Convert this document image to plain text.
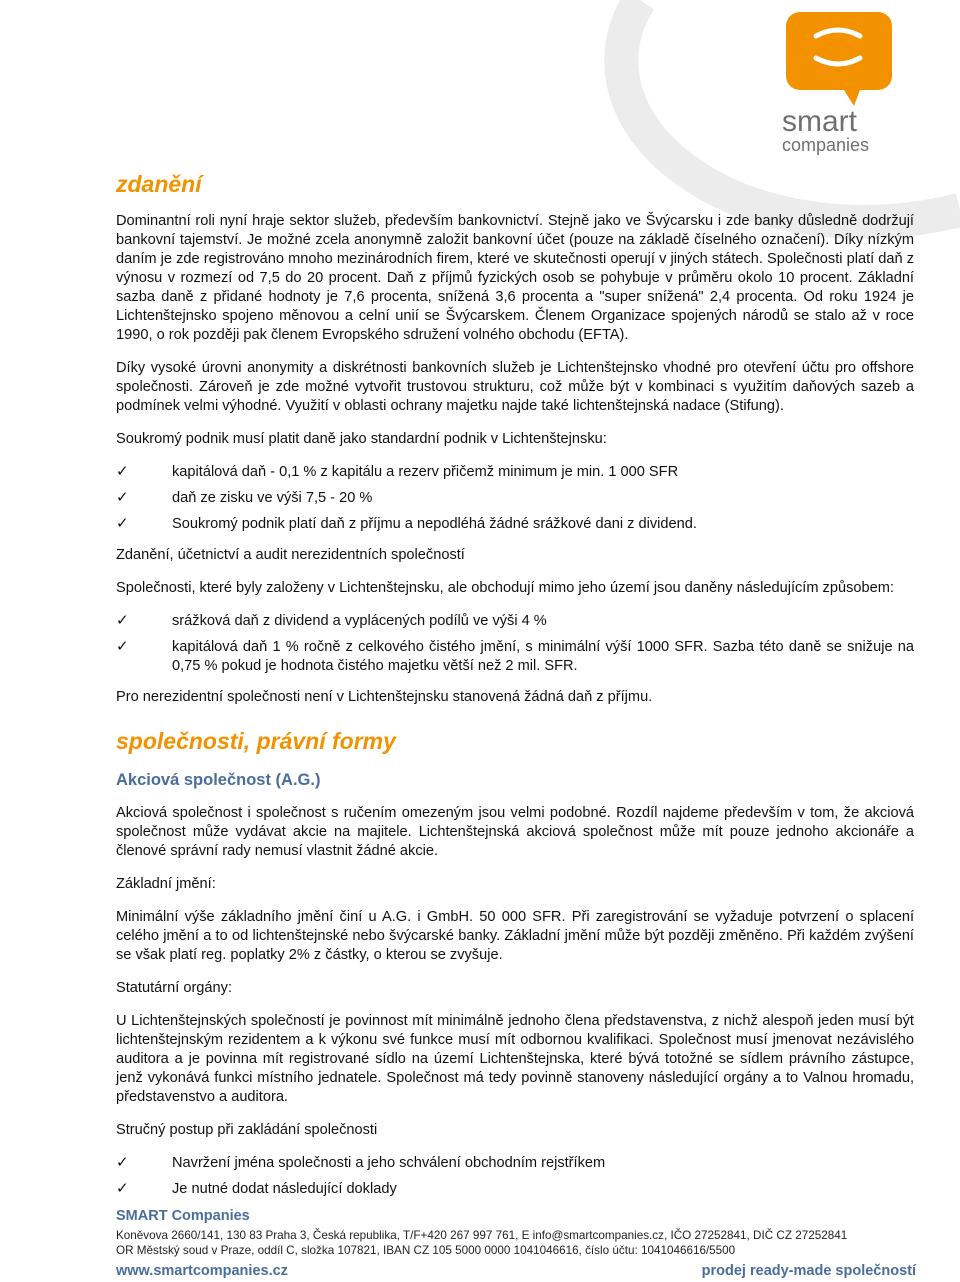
smart
companies
zdanění

Dominantní roli nyní hraje sektor služeb, především bankovnictví. Stejně jako ve Švýcarsku i zde banky důsledně dodržují bankovní tajemství. Je možné zcela anonymně založit bankovní účet (pouze na základě číselného označení). Díky nízkým daním je zde registrováno mnoho mezinárodních firem, které ve skutečnosti operují v jiných státech. Společnosti platí daň z výnosu v rozmezí od 7,5 do 20 procent. Daň z příjmů fyzických osob se pohybuje v průměru okolo 10 procent. Základní sazba daně z přidané hodnoty je 7,6 procenta, snížená 3,6 procenta a "super snížená" 2,4 procenta. Od roku 1924 je Lichtenštejnsko spojeno měnovou a celní unií se Švýcarskem. Členem Organizace spojených národů se stalo až v roce 1990, o rok později pak členem Evropského sdružení volného obchodu (EFTA).

Díky vysoké úrovni anonymity a diskrétnosti bankovních služeb je Lichtenštejnsko vhodné pro otevření účtu pro offshore společnosti. Zároveň je zde možné vytvořit trustovou strukturu, což může být v kombinaci s využitím daňových sazeb a podmínek velmi výhodné. Využití v oblasti ochrany majetku najde také lichtenštejnská nadace (Stifung).

Soukromý podnik musí platit daně jako standardní podnik v Lichtenštejnsku:

✓	kapitálová daň - 0,1 % z kapitálu a rezerv přičemž minimum je min. 1 000 SFR
✓	daň ze zisku ve výši 7,5 - 20 %
✓	Soukromý podnik platí daň z příjmu a nepodléhá žádné srážkové dani z dividend.

Zdanění, účetnictví a audit nerezidentních společností

Společnosti, které byly založeny v Lichtenštejnsku, ale obchodují mimo jeho území jsou daněny následujícím způsobem:

✓	srážková daň z dividend a vyplácených podílů ve výši 4 %
✓	kapitálová daň 1 % ročně z celkového čistého jmění, s minimální výší 1000 SFR. Sazba této daně se snižuje na 0,75 % pokud je hodnota čistého majetku větší než 2 mil. SFR.

Pro nerezidentní společnosti není v Lichtenštejnsku stanovená žádná daň z příjmu.

společnosti, právní formy
Akciová společnost (A.G.)

Akciová společnost i společnost s ručením omezeným jsou velmi podobné. Rozdíl najdeme především v tom, že akciová společnost může vydávat akcie na majitele. Lichtenštejnská akciová společnost může mít pouze jednoho akcionáře a členové správní rady nemusí vlastnit žádné akcie.

Základní jmění:

Minimální výše základního jmění činí u A.G. i GmbH. 50 000 SFR. Při zaregistrování se vyžaduje potvrzení o splacení celého jmění a to od lichtenštejnské nebo švýcarské banky. Základní jmění může být později změněno. Při každém zvýšení se však platí reg. poplatky 2% z částky, o kterou se zvyšuje.

Statutární orgány:

U Lichtenštejnských společností je povinnost mít minimálně jednoho člena představenstva, z nichž alespoň jeden musí být lichtenštejnským rezidentem a k výkonu své funkce musí mít odbornou kvalifikaci. Společnost musí jmenovat nezávislého auditora a je povinna mít registrované sídlo na území Lichtenštejnska, které bývá totožné se sídlem právního zástupce, jenž vykonává funkci místního jednatele. Společnost má tedy povinně stanoveny následující orgány a to Valnou hromadu, představenstvo a auditora.

Stručný postup při zakládání společnosti

✓	Navržení jména společnosti a jeho schválení obchodním rejstříkem
✓	Je nutné dodat následující doklady
SMART Companies
Koněvova 2660/141, 130 83 Praha 3, Česká republika, T/F+420 267 997 761, E info@smartcompanies.cz, IČO 27252841, DIČ CZ 27252841
OR Městský soud v Praze, oddíl C, složka 107821, IBAN CZ 105 5000 0000 1041046616, číslo účtu: 1041046616/5500
www.smartcompanies.cz	prodej ready-made společností
